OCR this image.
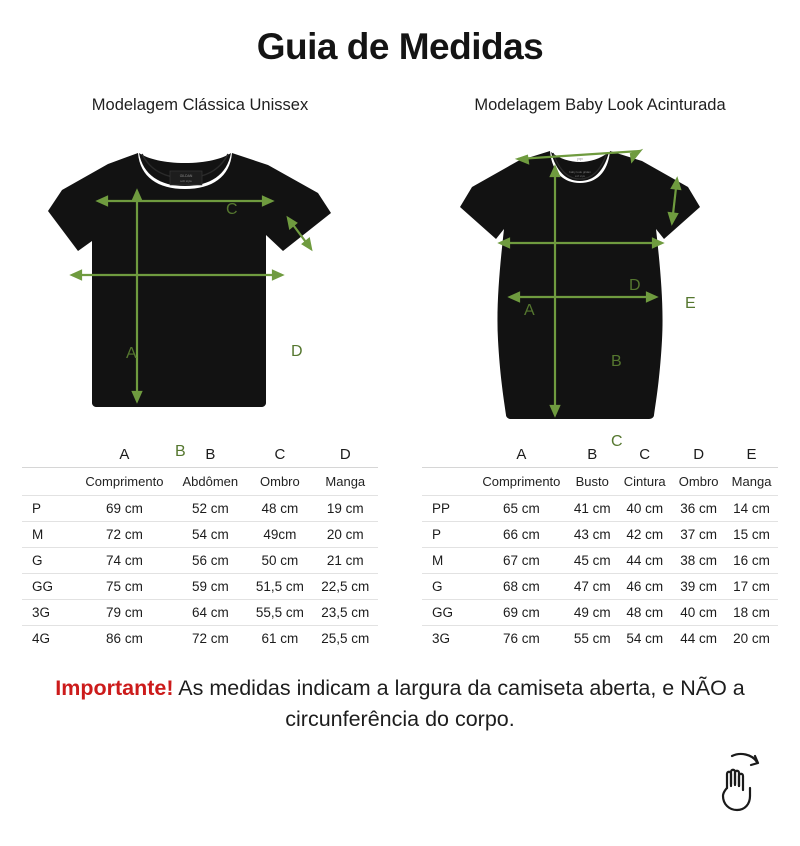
Guia de Medidas
Modelagem Clássica Unissex
GILDAN
soft style
C
A
B
D
	A	B	C	D
	Comprimento	Abdômen	Ombro	Manga
P	69 cm	52 cm	48 cm	19 cm
M	72 cm	54 cm	49cm	20 cm
G	74 cm	56 cm	50 cm	21 cm
GG	75 cm	59 cm	51,5 cm	22,5 cm
3G	79 cm	64 cm	55,5 cm	23,5 cm
4G	86 cm	72 cm	61 cm	25,5 cm
Modelagem Baby Look Acinturada
PP
baby look gildan
soft style
A
B
C
D
E
	A	B	C	D	E
	Comprimento	Busto	Cintura	Ombro	Manga
PP	65 cm	41 cm	40 cm	36 cm	14 cm
P	66 cm	43 cm	42 cm	37 cm	15 cm
M	67 cm	45 cm	44 cm	38 cm	16 cm
G	68 cm	47 cm	46 cm	39 cm	17 cm
GG	69 cm	49 cm	48 cm	40 cm	18 cm
3G	76 cm	55 cm	54 cm	44 cm	20 cm
Importante! As medidas indicam a largura da camiseta aberta, e NÃO a circunferência do corpo.
